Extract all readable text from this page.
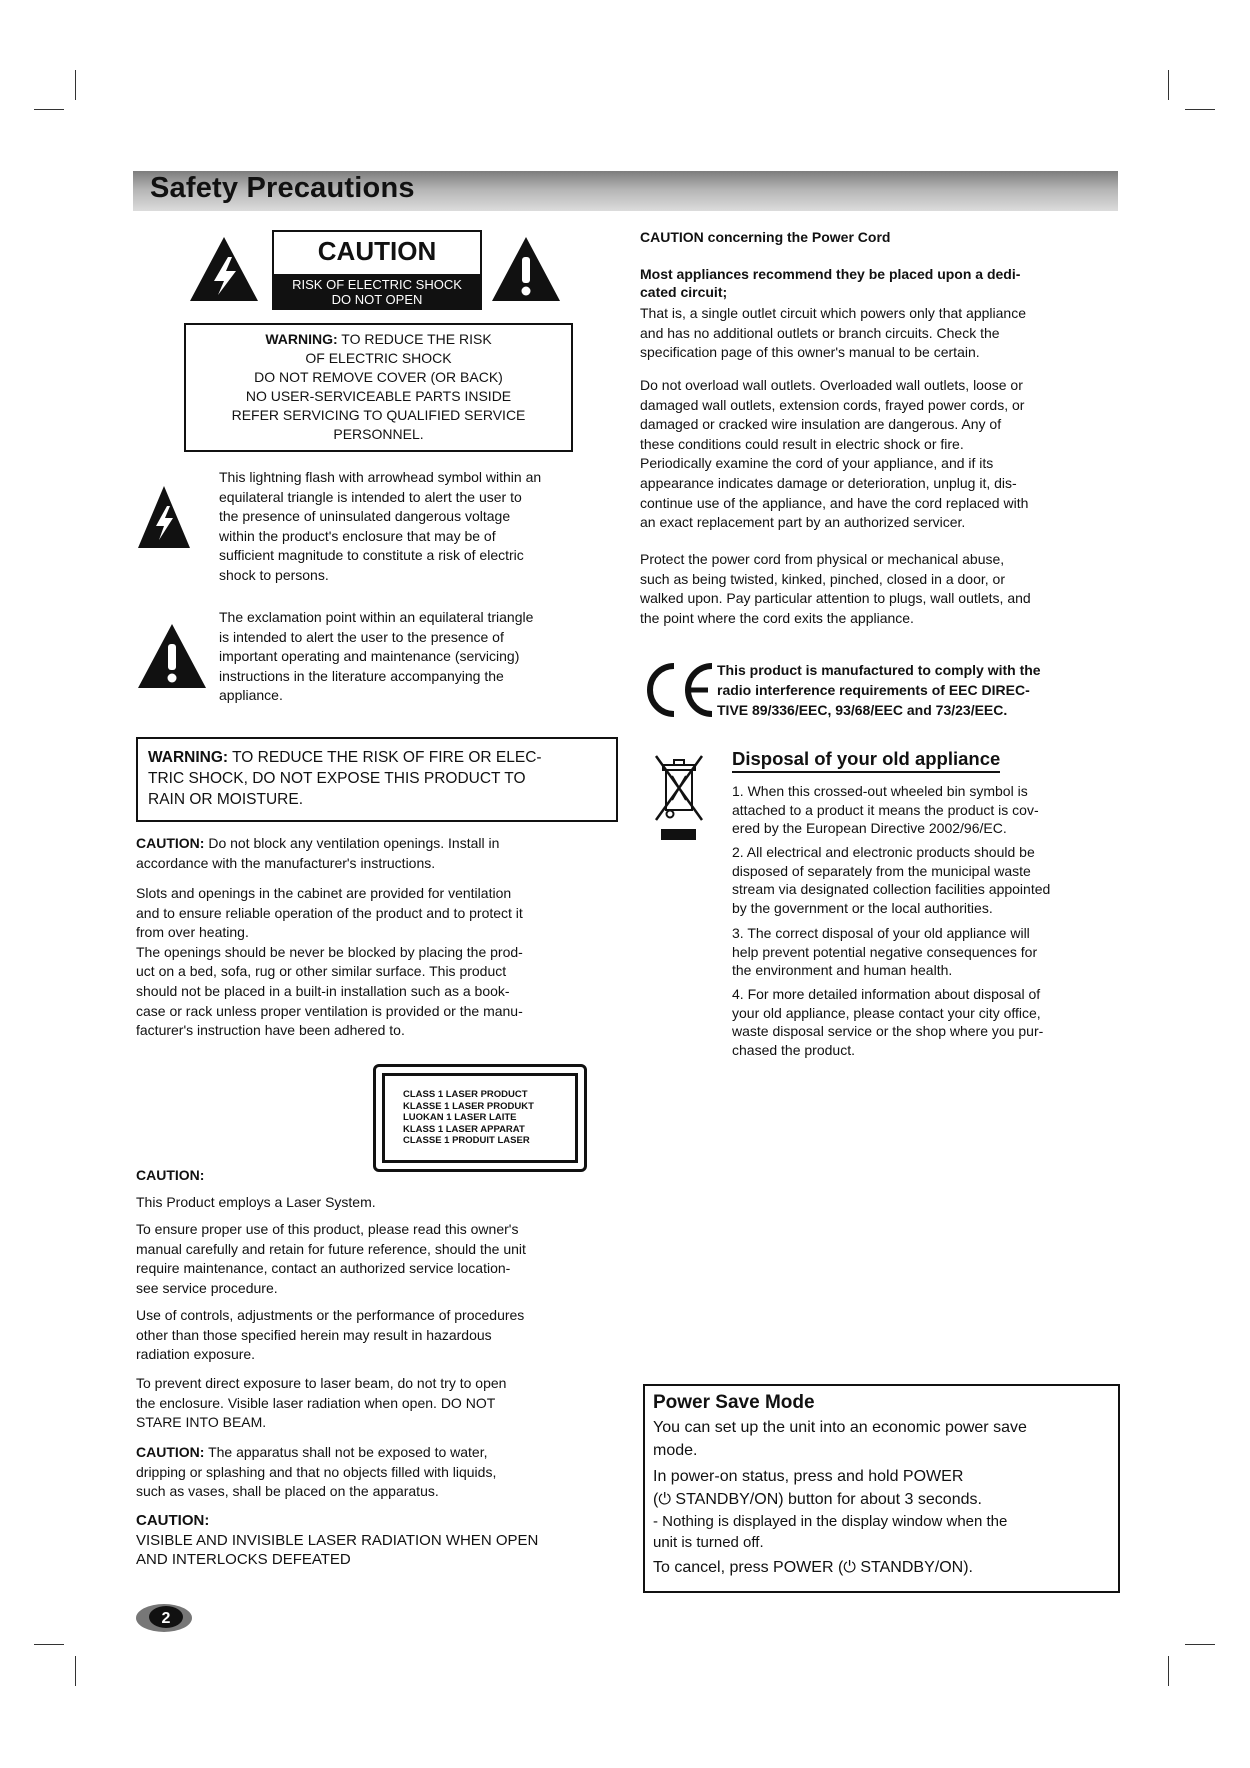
Safety Precautions
CAUTION
RISK OF ELECTRIC SHOCK
DO NOT OPEN
WARNING: TO REDUCE THE RISK
OF ELECTRIC SHOCK
DO NOT REMOVE COVER (OR BACK)
NO USER-SERVICEABLE PARTS INSIDE
REFER SERVICING TO QUALIFIED SERVICE
PERSONNEL.
This lightning flash with arrowhead symbol within an
equilateral triangle is intended to alert the user to
the presence of uninsulated dangerous voltage
within the product's enclosure that may be of
sufficient magnitude to constitute a risk of electric
shock to persons.
The exclamation point within an equilateral triangle
is intended to alert the user to the presence of
important operating and maintenance (servicing)
instructions in the literature accompanying the
appliance.
WARNING: TO REDUCE THE RISK OF FIRE OR ELEC-
TRIC SHOCK, DO NOT EXPOSE THIS PRODUCT TO
RAIN OR MOISTURE.
CAUTION: Do not block any ventilation openings. Install in
accordance with the manufacturer's instructions.
Slots and openings in the cabinet are provided for ventilation
and to ensure reliable operation of the product and to protect it
from over heating.
The openings should be never be blocked by placing the prod-
uct on a bed, sofa, rug or other similar surface. This product
should not be placed in a built-in installation such as a book-
case or rack unless proper ventilation is provided or the manu-
facturer's instruction have been adhered to.
CLASS 1 LASER PRODUCT
KLASSE 1 LASER PRODUKT
LUOKAN 1 LASER LAITE
KLASS 1 LASER APPARAT
CLASSE 1 PRODUIT LASER
CAUTION:
This Product employs a Laser System.
To ensure proper use of this product, please read this owner's
manual carefully and retain for future reference, should the unit
require maintenance, contact an authorized service location-
see service procedure.
Use of controls, adjustments or the performance of procedures
other than those specified herein may result in hazardous
radiation exposure.
To prevent direct exposure to laser beam, do not try to open
the enclosure. Visible laser radiation when open. DO NOT
STARE INTO BEAM.
CAUTION: The apparatus shall not be exposed to water,
dripping or splashing and that no objects filled with liquids,
such as vases, shall be placed on the apparatus.
CAUTION:
VISIBLE AND INVISIBLE LASER RADIATION WHEN OPEN
AND INTERLOCKS DEFEATED
CAUTION concerning the Power Cord
Most appliances recommend they be placed upon a dedi-
cated circuit;
That is, a single outlet circuit which powers only that appliance
and has no additional outlets or branch circuits. Check the
specification page of this owner's manual to be certain.
Do not overload wall outlets. Overloaded wall outlets, loose or
damaged wall outlets, extension cords, frayed power cords, or
damaged or cracked wire insulation are dangerous. Any of
these conditions could result in electric shock or fire.
Periodically examine the cord of your appliance, and if its
appearance indicates damage or deterioration, unplug it, dis-
continue use of the appliance, and have the cord replaced with
an exact replacement part by an authorized servicer.
Protect the power cord from physical or mechanical abuse,
such as being twisted, kinked, pinched, closed in a door, or
walked upon. Pay particular attention to plugs, wall outlets, and
the point where the cord exits the appliance.
This product is manufactured to comply with the
radio interference requirements of EEC DIREC-
TIVE 89/336/EEC, 93/68/EEC and 73/23/EEC.
Disposal of your old appliance
1. When this crossed-out wheeled bin symbol is
attached to a product it means the product is cov-
ered by the European Directive 2002/96/EC.
2. All electrical and electronic products should be
disposed of separately from the municipal waste
stream via designated collection facilities appointed
by the government or the local authorities.
3. The correct disposal of your old appliance will
help prevent potential negative consequences for
the environment and human health.
4. For more detailed information about disposal of
your old appliance, please contact your city office,
waste disposal service or the shop where you pur-
chased the product.
Power Save Mode
You can set up the unit into an economic power save
mode.
In power-on status, press and hold POWER
(⏻ STANDBY/ON) button for about 3 seconds.
- Nothing is displayed in the display window when the
unit is turned off.
To cancel, press POWER (⏻ STANDBY/ON).
2
